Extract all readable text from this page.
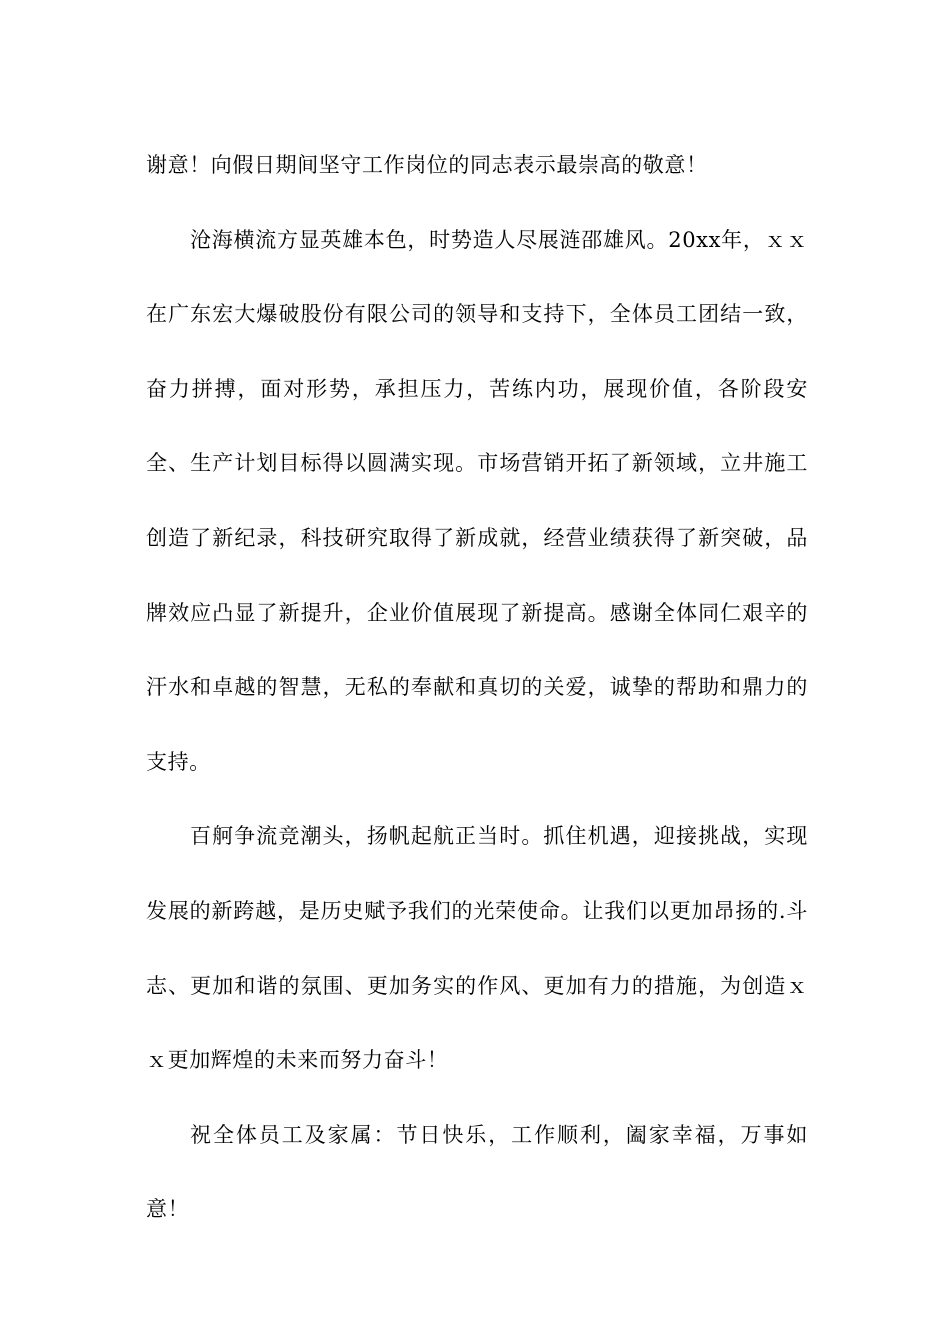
谢意！向假日期间坚守工作岗位的同志表示最崇高的敬意！

沧海横流方显英雄本色，时势造人尽展涟邵雄风。20xx年，ｘｘ在广东宏大爆破股份有限公司的领导和支持下，全体员工团结一致，奋力拼搏，面对形势，承担压力，苦练内功，展现价值，各阶段安全、生产计划目标得以圆满实现。市场营销开拓了新领域，立井施工创造了新纪录，科技研究取得了新成就，经营业绩获得了新突破，品牌效应凸显了新提升，企业价值展现了新提高。感谢全体同仁艰辛的汗水和卓越的智慧，无私的奉献和真切的关爱，诚挚的帮助和鼎力的支持。

百舸争流竞潮头，扬帆起航正当时。抓住机遇，迎接挑战，实现发展的新跨越，是历史赋予我们的光荣使命。让我们以更加昂扬的.斗志、更加和谐的氛围、更加务实的作风、更加有力的措施，为创造ｘｘ更加辉煌的未来而努力奋斗！

祝全体员工及家属：节日快乐，工作顺利，阖家幸福，万事如意！
